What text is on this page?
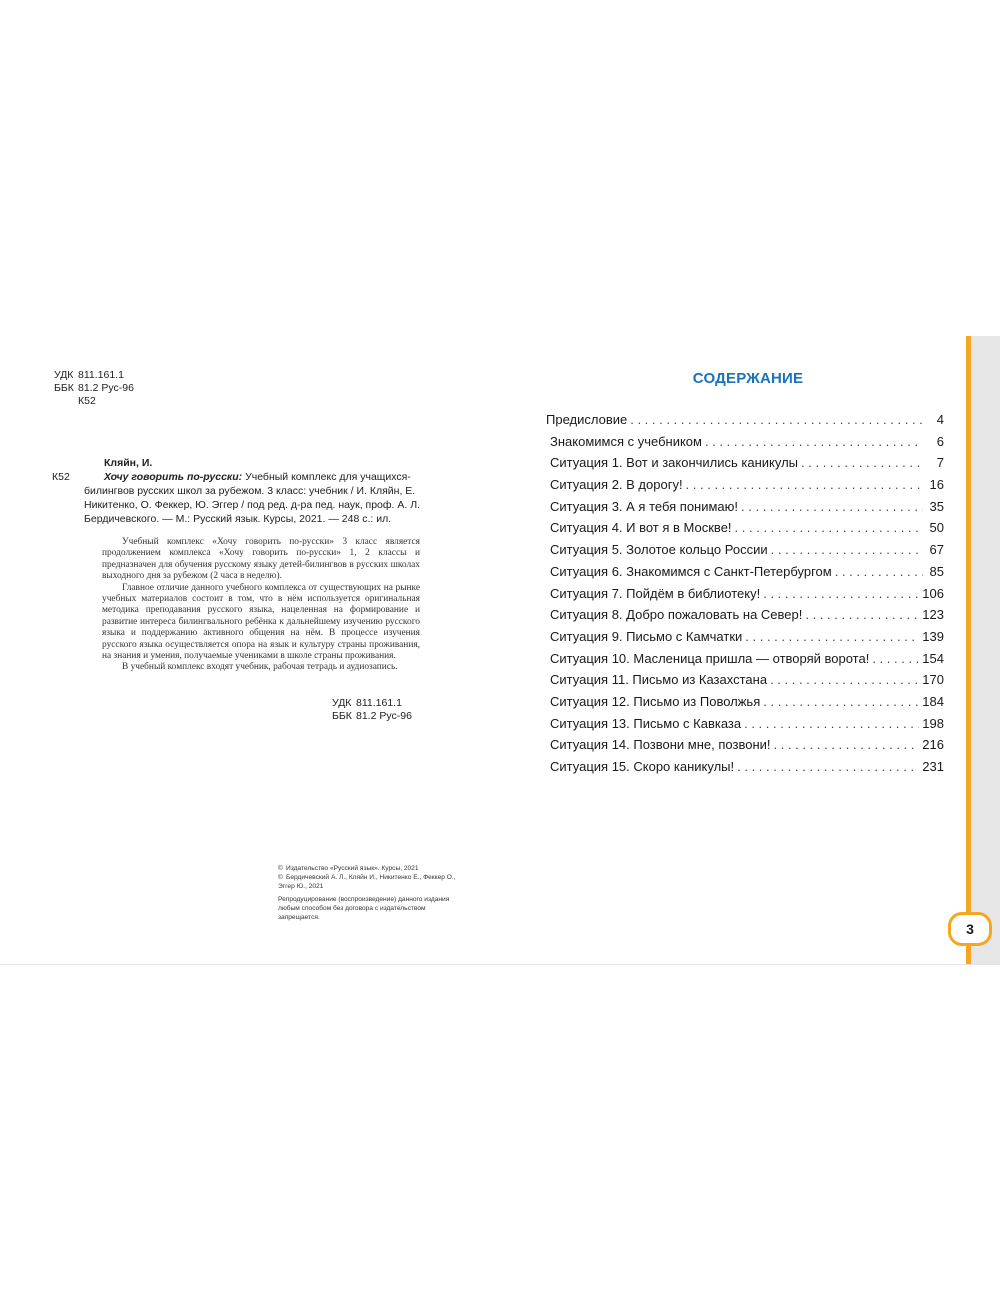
УДК 811.161.1
ББК 81.2 Рус-96
К52
Кляйн, И.
К52	Хочу говорить по-русски: Учебный комплекс для учащихся-билингвов русских школ за рубежом. 3 класс: учебник / И. Кляйн, Е. Никитенко, О. Феккер, Ю. Эггер / под ред. д-ра пед. наук, проф. А. Л. Бердичевского. — М.: Русский язык. Курсы, 2021. — 248 с.: ил.

Учебный комплекс «Хочу говорить по-русски» 3 класс является продолжением комплекса «Хочу говорить по-русски» 1, 2 классы и предназначен для обучения русскому языку детей-билингвов в русских школах выходного дня за рубежом (2 часа в неделю).

Главное отличие данного учебного комплекса от существующих на рынке учебных материалов состоит в том, что в нём используется оригинальная методика преподавания русского языка, нацеленная на формирование и развитие интереса билингвального ребёнка к дальнейшему изучению русского языка и поддержанию активного общения на нём. В процессе изучения русского языка осуществляется опора на язык и культуру страны проживания, на знания и умения, получаемые учениками в школе страны проживания.

В учебный комплекс входят учебник, рабочая тетрадь и аудиозапись.

УДК 811.161.1
ББК 81.2 Рус-96
© Издательство «Русский язык». Курсы, 2021
© Бердичевский А. Л., Кляйн И., Никитенко Е., Феккер О., Эггер Ю., 2021
Репродуцирование (воспроизведение) данного издания любым способом без договора с издательством запрещается.
СОДЕРЖАНИЕ
Предисловие . . .	4
Знакомимся с учебником . . .	6
Ситуация 1. Вот и закончились каникулы . . .	7
Ситуация 2. В дорогу! . . .	16
Ситуация 3. А я тебя понимаю! . . .	35
Ситуация 4. И вот я в Москве! . . .	50
Ситуация 5. Золотое кольцо России . . .	67
Ситуация 6. Знакомимся с Санкт-Петербургом . . .	85
Ситуация 7. Пойдём в библиотеку! . . .	106
Ситуация 8. Добро пожаловать на Север! . . .	123
Ситуация 9. Письмо с Камчатки . . .	139
Ситуация 10. Масленица пришла — отворяй ворота! . . .	154
Ситуация 11. Письмо из Казахстана . . .	170
Ситуация 12. Письмо из Поволжья . . .	184
Ситуация 13. Письмо с Кавказа . . .	198
Ситуация 14. Позвони мне, позвони! . . .	216
Ситуация 15. Скоро каникулы! . . .	231
3
